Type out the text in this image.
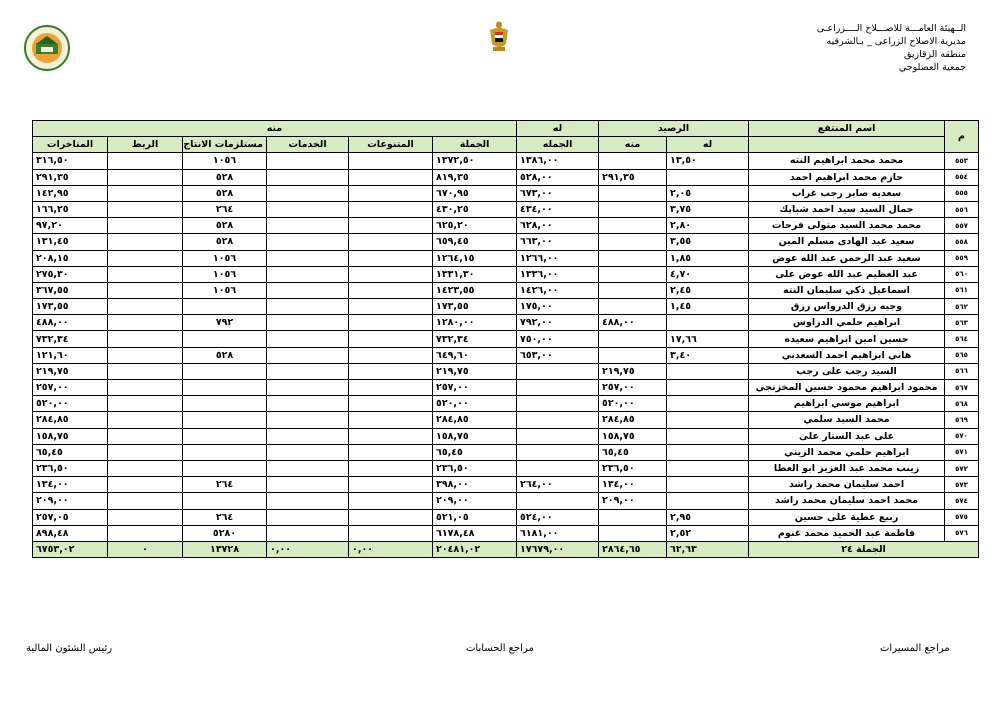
الــهيئة العامـــة للاصـــلاح الــــزراعـى
مديرية الاصلاح الزراعى _ بـالشرقيه
منطقه الزقازيق
جمعية العصلوجي
م	اسم المنتفع	الرصيد		له	منه					
		له	منه	الجمله	الجملة	المتنوعات	الخدمات	مستلزمات الانتاج	الربط	المتاخرات
٥٥٣	محمد محمد ابراهيم النته	١٣,٥٠		١٣٨٦,٠٠	١٣٧٢,٥٠			١٠٥٦		٣١٦,٥٠
٥٥٤	حازم محمد ابراهيم احمد		٢٩١,٣٥	٥٢٨,٠٠	٨١٩,٣٥			٥٢٨		٢٩١,٣٥
٥٥٥	سعديه صابر رجب غراب	٢,٠٥		٦٧٣,٠٠	٦٧٠,٩٥			٥٢٨		١٤٢,٩٥
٥٥٦	جمال السيد سيد احمد شبايك	٣,٧٥		٤٣٤,٠٠	٤٣٠,٢٥			٢٦٤		١٦٦,٢٥
٥٥٧	محمد محمد السيد متولى فرحات	٢,٨٠		٦٢٨,٠٠	٦٢٥,٢٠			٥٢٨		٩٧,٢٠
٥٥٨	سعيد عبد الهادى مسلم المين	٣,٥٥		٦٦٣,٠٠	٦٥٩,٤٥			٥٢٨		١٣١,٤٥
٥٥٩	سعيد عبد الرحمن عبد الله عوض	١,٨٥		١٢٦٦,٠٠	١٢٦٤,١٥			١٠٥٦		٢٠٨,١٥
٥٦٠	عبد العظيم عبد الله عوض على	٤,٧٠		١٣٣٦,٠٠	١٣٣١,٣٠			١٠٥٦		٢٧٥,٣٠
٥٦١	اسماعيل ذكي سليمان النته	٢,٤٥		١٤٢٦,٠٠	١٤٢٣,٥٥			١٠٥٦		٣٦٧,٥٥
٥٦٢	وجيه رزق الدرواس رزق	١,٤٥		١٧٥,٠٠	١٧٣,٥٥					١٧٣,٥٥
٥٦٣	ابراهيم حلمي الدراوس		٤٨٨,٠٠	٧٩٢,٠٠	١٢٨٠,٠٠			٧٩٢		٤٨٨,٠٠
٥٦٤	حسين امين ابراهيم سعيده	١٧,٦٦		٧٥٠,٠٠	٧٣٢,٣٤					٧٣٢,٣٤
٥٦٥	هاني ابراهيم احمد السعدني	٣,٤٠		٦٥٣,٠٠	٦٤٩,٦٠			٥٢٨		١٢١,٦٠
٥٦٦	السيد رجب على رجب		٢١٩,٧٥		٢١٩,٧٥					٢١٩,٧٥
٥٦٧	محمود ابراهيم محمود حسين المخزنجي		٢٥٧,٠٠		٢٥٧,٠٠					٢٥٧,٠٠
٥٦٨	ابراهيم موسي ابراهيم		٥٢٠,٠٠		٥٢٠,٠٠					٥٢٠,٠٠
٥٦٩	محمد السيد سلمي		٢٨٤,٨٥		٢٨٤,٨٥					٢٨٤,٨٥
٥٧٠	على عبد الستار على		١٥٨,٧٥		١٥٨,٧٥					١٥٨,٧٥
٥٧١	ابراهيم حلمي محمد الزيني		٦٥,٤٥		٦٥,٤٥					٦٥,٤٥
٥٧٢	زينب محمد عبد العزيز ابو العطا		٢٣٦,٥٠		٢٣٦,٥٠					٢٣٦,٥٠
٥٧٣	احمد سليمان محمد راشد		١٣٤,٠٠	٢٦٤,٠٠	٣٩٨,٠٠			٢٦٤		١٣٤,٠٠
٥٧٤	محمد احمد سليمان محمد راشد		٢٠٩,٠٠		٢٠٩,٠٠					٢٠٩,٠٠
٥٧٥	ربيع عطية على حسين	٢,٩٥		٥٢٤,٠٠	٥٢١,٠٥			٢٦٤		٢٥٧,٠٥
٥٧٦	فاطمة عبد الحميد محمد غنوم	٢,٥٢		٦١٨١,٠٠	٦١٧٨,٤٨			٥٢٨٠		٨٩٨,٤٨
الجملة ٢٤		٦٢,٦٣	٢٨٦٤,٦٥	١٧٦٧٩,٠٠	٢٠٤٨١,٠٢	٠,٠٠	٠,٠٠	١٣٧٢٨	٠	٦٧٥٣,٠٢
رئيس الشئون المالية	مراجع الحسابات	مراجع المسيرات
